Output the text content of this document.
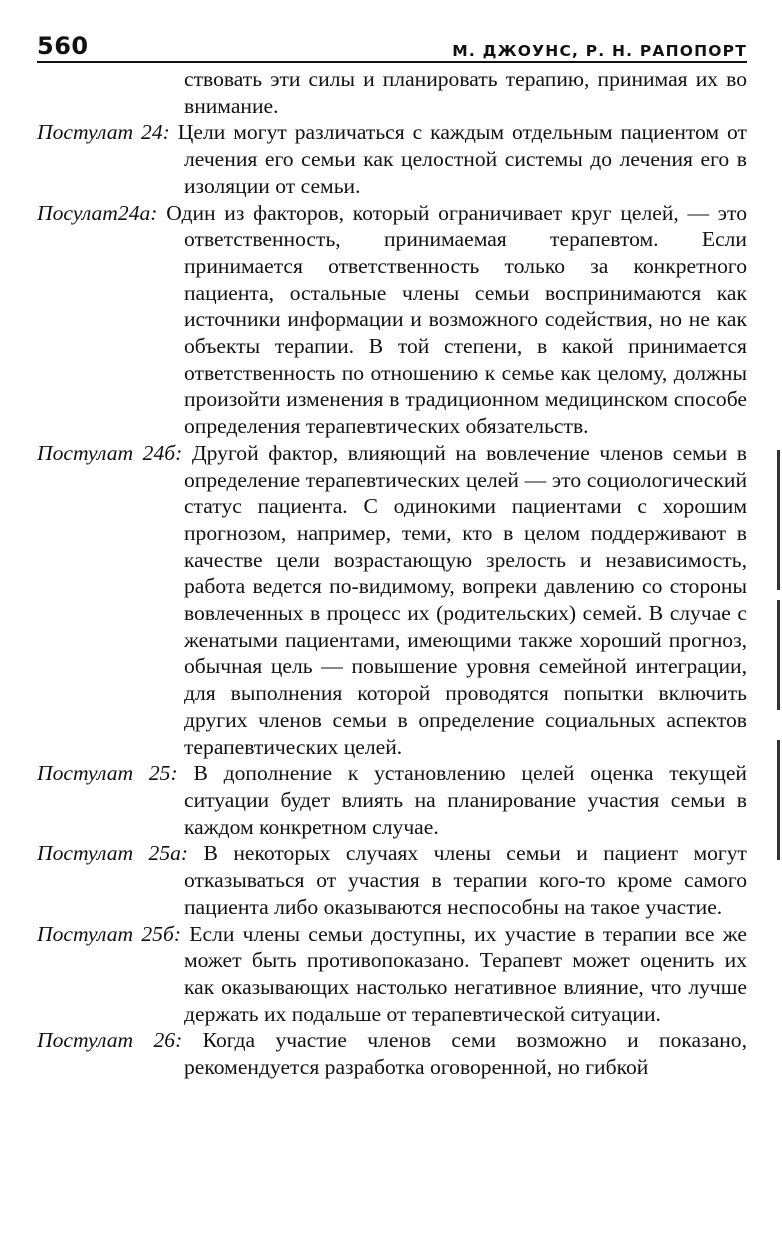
560	М. ДЖОУНС, Р. Н. РАПОПОРТ

ствовать эти силы и планировать терапию, принимая их во внимание.

Постулат 24: Цели могут различаться с каждым отдельным пациентом от лечения его семьи как целостной системы до лечения его в изоляции от семьи.

Посулат24а: Один из факторов, который ограничивает круг целей, — это ответственность, принимаемая терапевтом. Если принимается ответственность только за конкретного пациента, остальные члены семьи воспринимаются как источники информации и возможного содействия, но не как объекты терапии. В той степени, в какой принимается ответственность по отношению к семье как целому, должны произойти изменения в традиционном медицинском способе определения терапевтических обязательств.

Постулат 24б: Другой фактор, влияющий на вовлечение членов семьи в определение терапевтических целей — это социологический статус пациента. С одинокими пациентами с хорошим прогнозом, например, теми, кто в целом поддерживают в качестве цели возрастающую зрелость и независимость, работа ведется по-видимому, вопреки давлению со стороны вовлеченных в процесс их (родительских) семей. В случае с женатыми пациентами, имеющими также хороший прогноз, обычная цель — повышение уровня семейной интеграции, для выполнения которой проводятся попытки включить других членов семьи в определение социальных аспектов терапевтических целей.

Постулат 25: В дополнение к установлению целей оценка текущей ситуации будет влиять на планирование участия семьи в каждом конкретном случае.

Постулат 25а: В некоторых случаях члены семьи и пациент могут отказываться от участия в терапии кого-то кроме самого пациента либо оказываются неспособны на такое участие.

Постулат 25б: Если члены семьи доступны, их участие в терапии все же может быть противопоказано. Терапевт может оценить их как оказывающих настолько негативное влияние, что лучше держать их подальше от терапевтической ситуации.

Постулат 26: Когда участие членов семи возможно и показано, рекомендуется разработка оговоренной, но гибкой
